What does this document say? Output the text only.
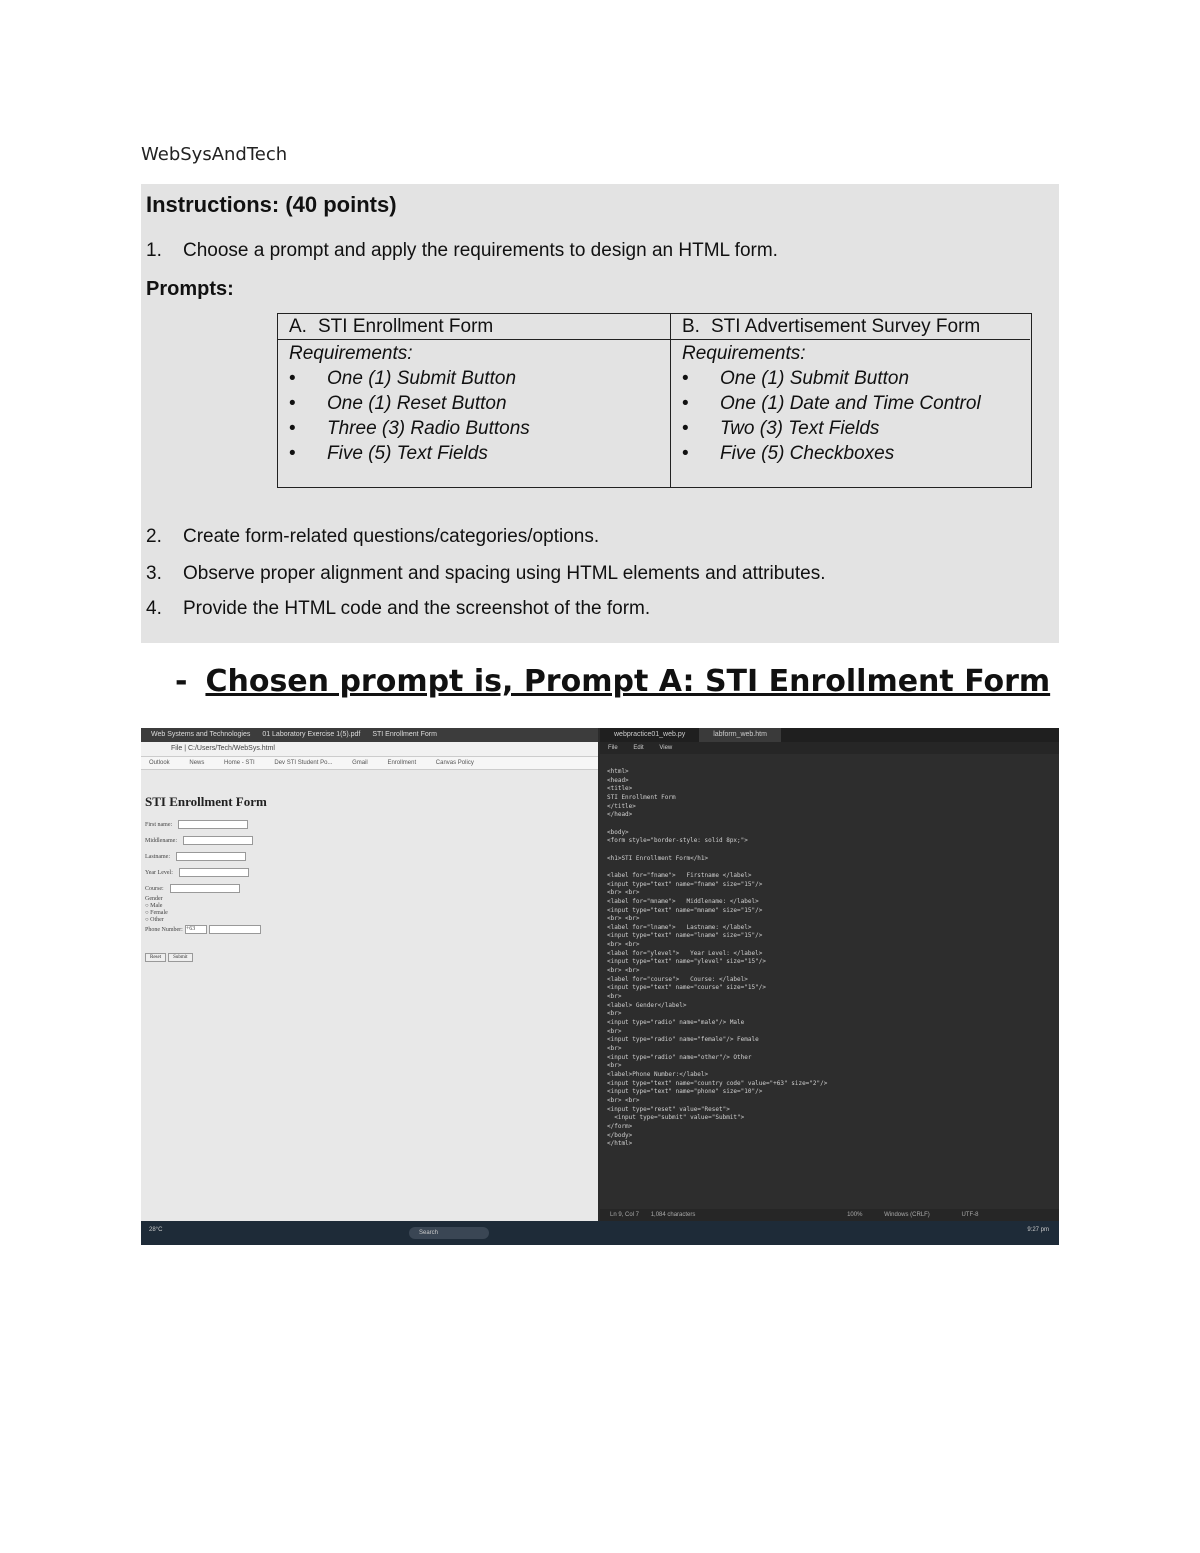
WebSysAndTech
Instructions: (40 points)
1. Choose a prompt and apply the requirements to design an HTML form.
Prompts:
A. STI Enrollment Form
Requirements:
• One (1) Submit Button
• One (1) Reset Button
• Three (3) Radio Buttons
• Five (5) Text Fields
B. STI Advertisement Survey Form
Requirements:
• One (1) Submit Button
• One (1) Date and Time Control
• Two (3) Text Fields
• Five (5) Checkboxes
2. Create form-related questions/categories/options.
3. Observe proper alignment and spacing using HTML elements and attributes.
4. Provide the HTML code and the screenshot of the form.
- Chosen prompt is, Prompt A: STI Enrollment Form
Web Systems and Technologies 01 Laboratory Exercise 1(5).pdf STI Enrollment Form
File | C:/Users/Tech/WebSys.html
Outlook	News	Home - STI	Dev STI Student Po...	Gmail	Enrollment	Canvas Policy
STI Enrollment Form
First name:
Middlename:
Lastname:
Year Level:
Course:
Gender
○ Male
○ Female
○ Other
Phone Number: +63
Reset Submit
webpractice01_web.py	labform_web.htm
File	Edit	View
<html>
<head>
<title>
STI Enrollment Form
</title>
</head>

<body>
<form style="border-style: solid 8px;">

<h1>STI Enrollment Form</h1>

<label for="fname">   Firstname </label>
<input type="text" name="fname" size="15"/>
<br> <br>
<label for="mname">   Middlename: </label>
<input type="text" name="mname" size="15"/>
<br> <br>
<label for="lname">   Lastname: </label>
<input type="text" name="lname" size="15"/>
<br> <br>
<label for="ylevel">   Year Level: </label>
<input type="text" name="ylevel" size="15"/>
<br> <br>
<label for="course">   Course: </label>
<input type="text" name="course" size="15"/>
<br>
<label> Gender</label>
<br>
<input type="radio" name="male"/> Male
<br>
<input type="radio" name="female"/> Female
<br>
<input type="radio" name="other"/> Other
<br>
<label>Phone Number:</label>
<input type="text" name="country code" value="+63" size="2"/>
<input type="text" name="phone" size="10"/>
<br> <br>
<input type="reset" value="Reset">
<input type="submit" value="Submit">
</form>
</body>
</html>
Ln 9, Col 7 1,084 characters	100%	Windows (CRLF)	UTF-8
28°C	Search	9:27 pm
